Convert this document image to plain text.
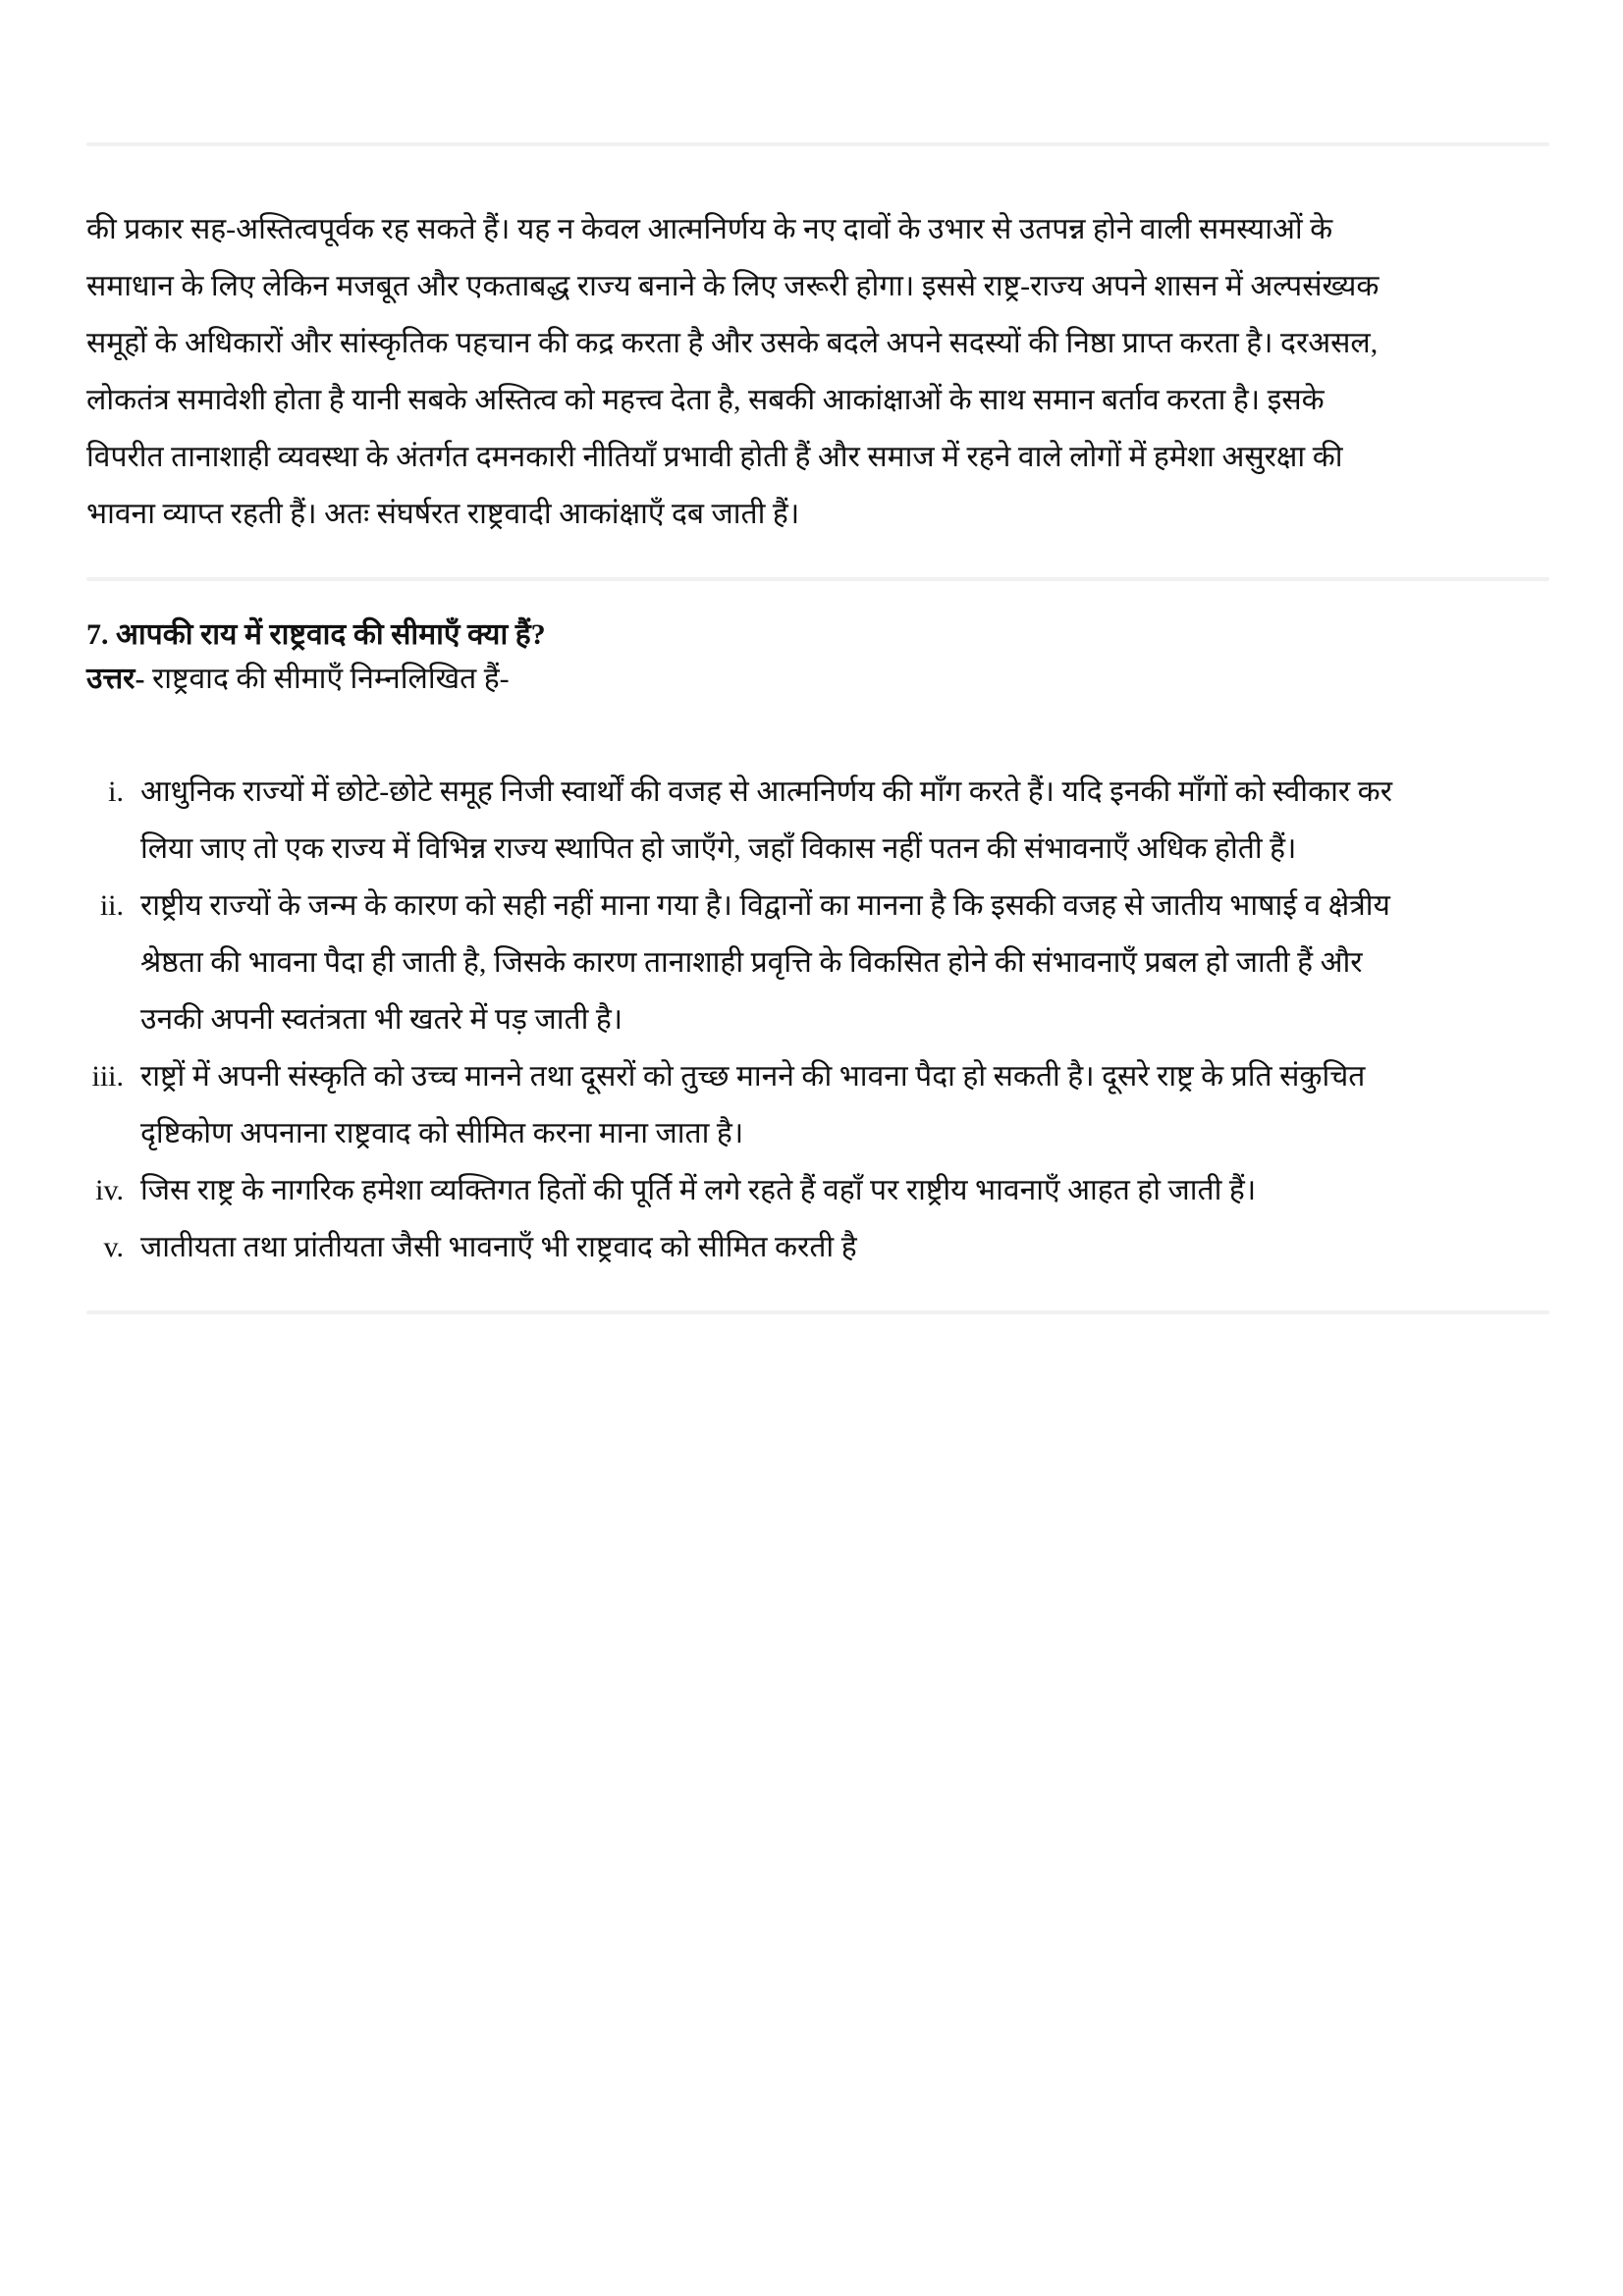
की प्रकार सह-अस्तित्वपूर्वक रह सकते हैं। यह न केवल आत्मनिर्णय के नए दावों के उभार से उतपन्न होने वाली समस्याओं के
समाधान के लिए लेकिन मजबूत और एकताबद्ध राज्य बनाने के लिए जरूरी होगा। इससे राष्ट्र-राज्य अपने शासन में अल्पसंख्यक
समूहों के अधिकारों और सांस्कृतिक पहचान की कद्र करता है और उसके बदले अपने सदस्यों की निष्ठा प्राप्त करता है। दरअसल,
लोकतंत्र समावेशी होता है यानी सबके अस्तित्व को महत्त्व देता है, सबकी आकांक्षाओं के साथ समान बर्ताव करता है। इसके
विपरीत तानाशाही व्यवस्था के अंतर्गत दमनकारी नीतियाँ प्रभावी होती हैं और समाज में रहने वाले लोगों में हमेशा असुरक्षा की
भावना व्याप्त रहती हैं। अतः संघर्षरत राष्ट्रवादी आकांक्षाएँ दब जाती हैं।

7. आपकी राय में राष्ट्रवाद की सीमाएँ क्या हैं?

उत्तर- राष्ट्रवाद की सीमाएँ निम्नलिखित हैं-

i. आधुनिक राज्यों में छोटे-छोटे समूह निजी स्वार्थों की वजह से आत्मनिर्णय की माँग करते हैं। यदि इनकी माँगों को स्वीकार कर
लिया जाए तो एक राज्य में विभिन्न राज्य स्थापित हो जाएँगे, जहाँ विकास नहीं पतन की संभावनाएँ अधिक होती हैं।
ii. राष्ट्रीय राज्यों के जन्म के कारण को सही नहीं माना गया है। विद्वानों का मानना है कि इसकी वजह से जातीय भाषाई व क्षेत्रीय
श्रेष्ठता की भावना पैदा ही जाती है, जिसके कारण तानाशाही प्रवृत्ति के विकसित होने की संभावनाएँ प्रबल हो जाती हैं और
उनकी अपनी स्वतंत्रता भी खतरे में पड़ जाती है।
iii. राष्ट्रों में अपनी संस्कृति को उच्च मानने तथा दूसरों को तुच्छ मानने की भावना पैदा हो सकती है। दूसरे राष्ट्र के प्रति संकुचित
दृष्टिकोण अपनाना राष्ट्रवाद को सीमित करना माना जाता है।
iv. जिस राष्ट्र के नागरिक हमेशा व्यक्तिगत हितों की पूर्ति में लगे रहते हैं वहाँ पर राष्ट्रीय भावनाएँ आहत हो जाती हैं।
v. जातीयता तथा प्रांतीयता जैसी भावनाएँ भी राष्ट्रवाद को सीमित करती है
